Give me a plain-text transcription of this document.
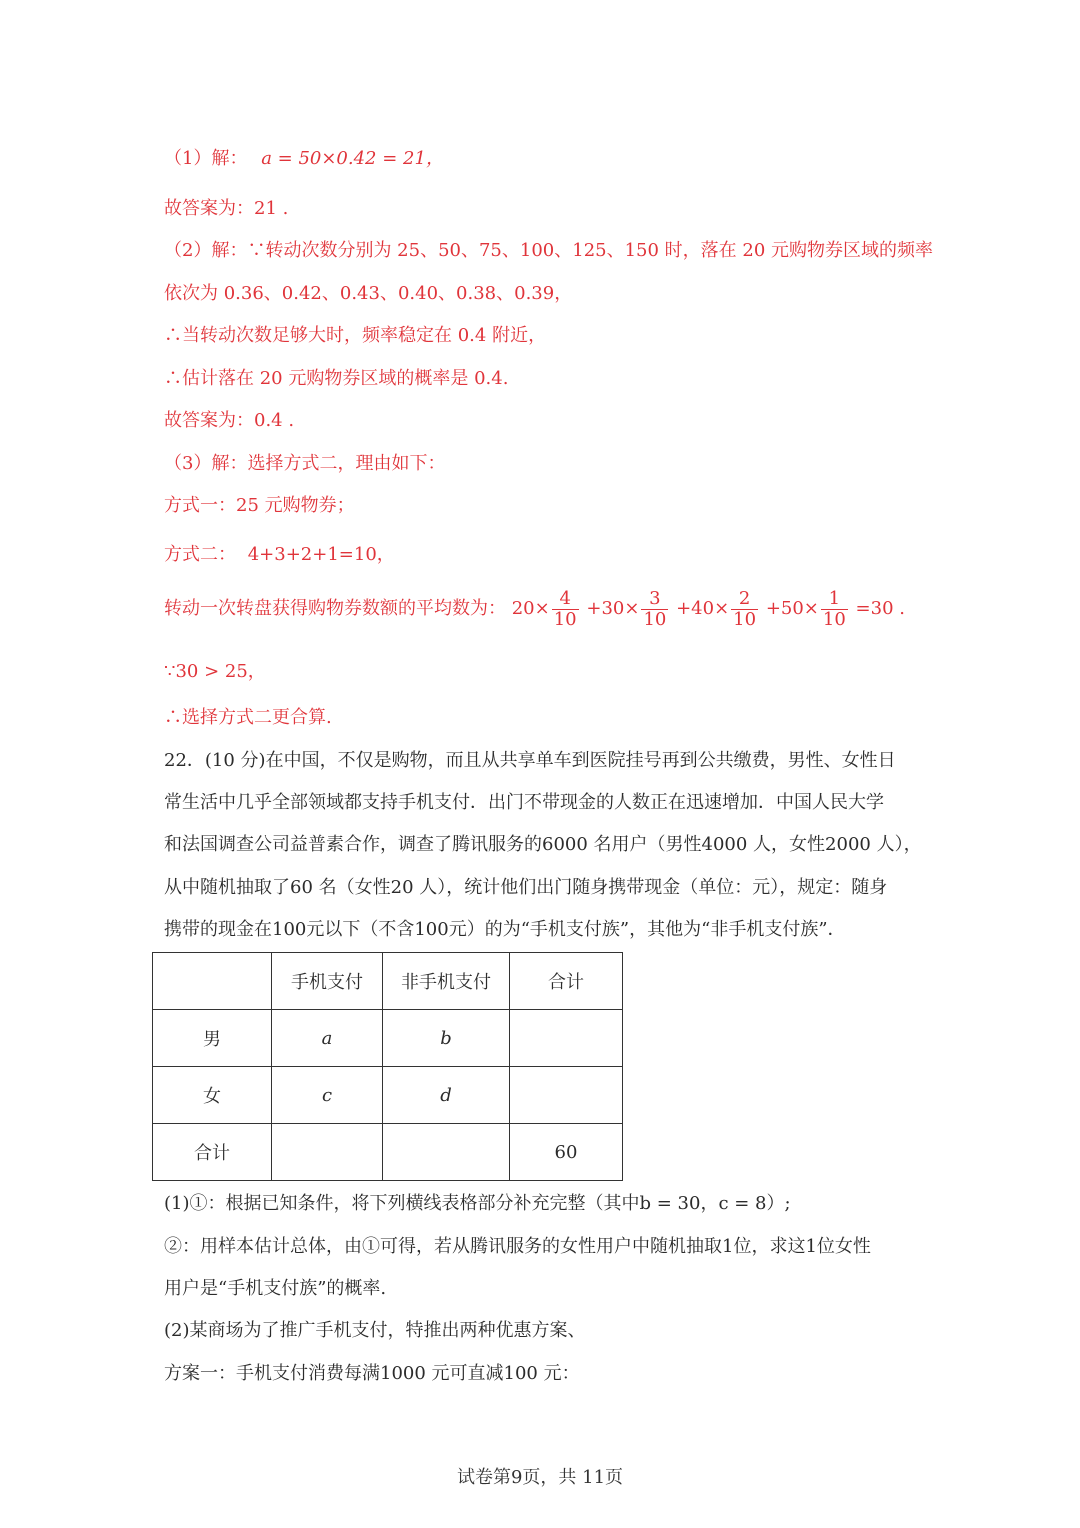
（1）解： a = 50×0.42 = 21，
故答案为：21 .
（2）解：∵转动次数分别为 25、50、75、100、125、150 时，落在 20 元购物券区域的频率
依次为 0.36、0.42、0.43、0.40、0.38、0.39，
∴当转动次数足够大时，频率稳定在 0.4 附近，
∴估计落在 20 元购物券区域的概率是 0.4.
故答案为：0.4 .
（3）解：选择方式二，理由如下：
方式一：25 元购物券；
方式二： 4+3+2+1=10，
转动一次转盘获得购物券数额的平均数为： $20\times \frac{4}{10} +30\times \frac{3}{10} +40\times \frac{2}{10} +50\times \frac{1}{10} =30$ .
∵30 > 25，
∴选择方式二更合算.
22．(10 分)在中国，不仅是购物，而且从共享单车到医院挂号再到公共缴费，男性、女性日
常生活中几乎全部领域都支持手机支付．出门不带现金的人数正在迅速增加．中国人民大学
和法国调查公司益普素合作，调查了腾讯服务的6000 名用户（男性4000 人，女性2000 人），
从中随机抽取了60 名（女性20 人），统计他们出门随身携带现金（单位：元），规定：随身
携带的现金在100元以下（不含100元）的为“手机支付族”，其他为“非手机支付族”．
	手机支付	非手机支付	合计
男	a	b	
女	c	d	
合计			60
(1)①：根据已知条件，将下列横线表格部分补充完整（其中b = 30，c = 8）;
②：用样本估计总体，由①可得，若从腾讯服务的女性用户中随机抽取1位，求这1位女性
用户是“手机支付族”的概率.
(2)某商场为了推广手机支付，特推出两种优惠方案、
方案一：手机支付消费每满1000 元可直减100 元：
试卷第9页，共 11页
